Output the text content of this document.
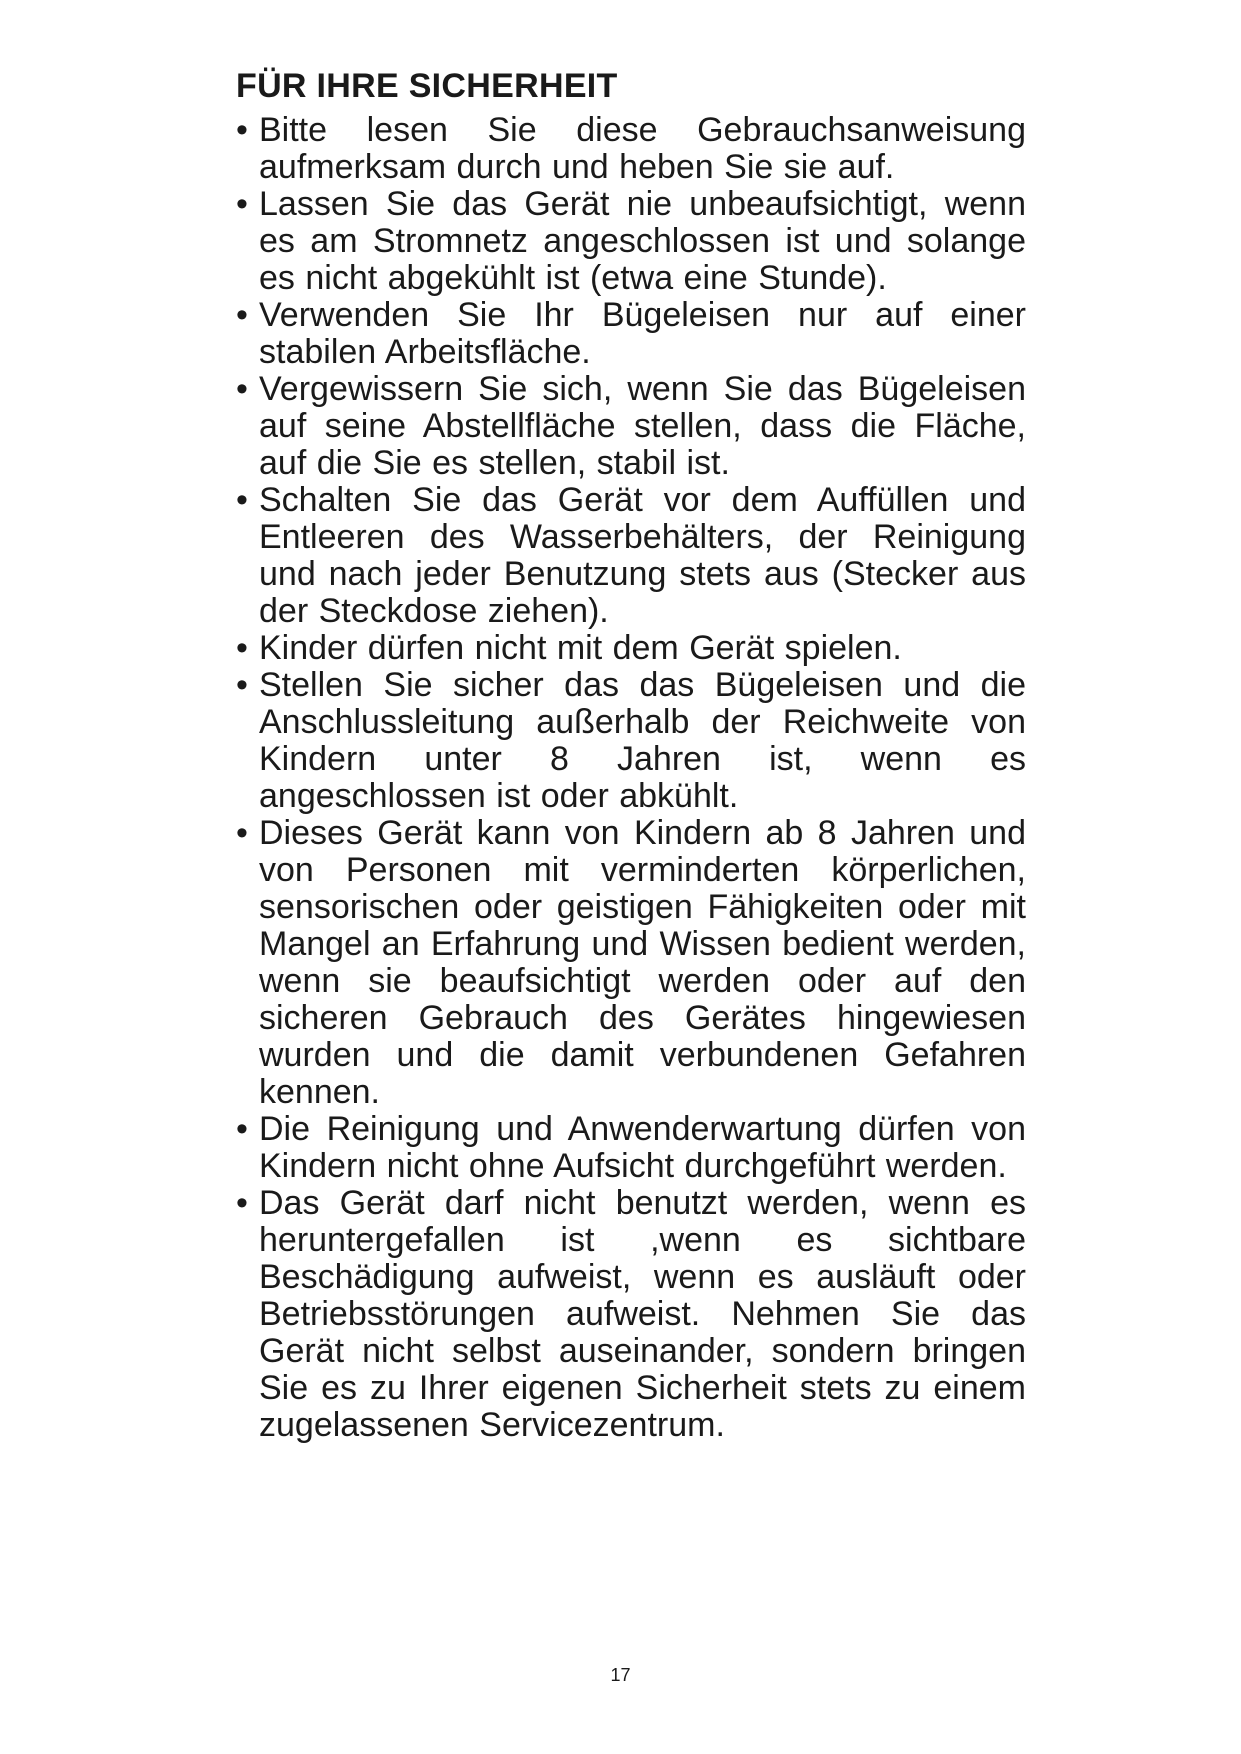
FÜR IHRE SICHERHEIT
• Bitte lesen Sie diese Gebrauchsanweisung aufmerksam durch und heben Sie sie auf.
• Lassen Sie das Gerät nie unbeaufsichtigt, wenn es am Stromnetz angeschlossen ist und solange es nicht abgekühlt ist (etwa eine Stunde).
• Verwenden Sie Ihr Bügeleisen nur auf einer stabilen Arbeitsfläche.
• Vergewissern Sie sich, wenn Sie das Bügeleisen auf seine Abstellfläche stellen, dass die Fläche, auf die Sie es stellen, stabil ist.
• Schalten Sie das Gerät vor dem Auffüllen und Entleeren des Wasserbehälters, der Reinigung und nach jeder Benutzung stets aus (Stecker aus der Steckdose ziehen).
• Kinder dürfen nicht mit dem Gerät spielen.
• Stellen Sie sicher das das Bügeleisen und die Anschlussleitung außerhalb der Reichweite von Kindern unter 8 Jahren ist, wenn es angeschlossen ist oder abkühlt.
• Dieses Gerät kann von Kindern ab 8 Jahren und von Personen mit verminderten körperlichen, sensorischen oder geistigen Fähigkeiten oder mit Mangel an Erfahrung und Wissen bedient werden, wenn sie beaufsichtigt werden oder auf den sicheren Gebrauch des Gerätes hingewiesen wurden und die damit verbundenen Gefahren kennen.
• Die Reinigung und Anwenderwartung dürfen von Kindern nicht ohne Aufsicht durchgeführt werden.
• Das Gerät darf nicht benutzt werden, wenn es heruntergefallen ist ,wenn es sichtbare Beschädigung aufweist, wenn es ausläuft oder Betriebsstörungen aufweist. Nehmen Sie das Gerät nicht selbst auseinander, sondern bringen Sie es zu Ihrer eigenen Sicherheit stets zu einem zugelassenen Servicezentrum.
17
